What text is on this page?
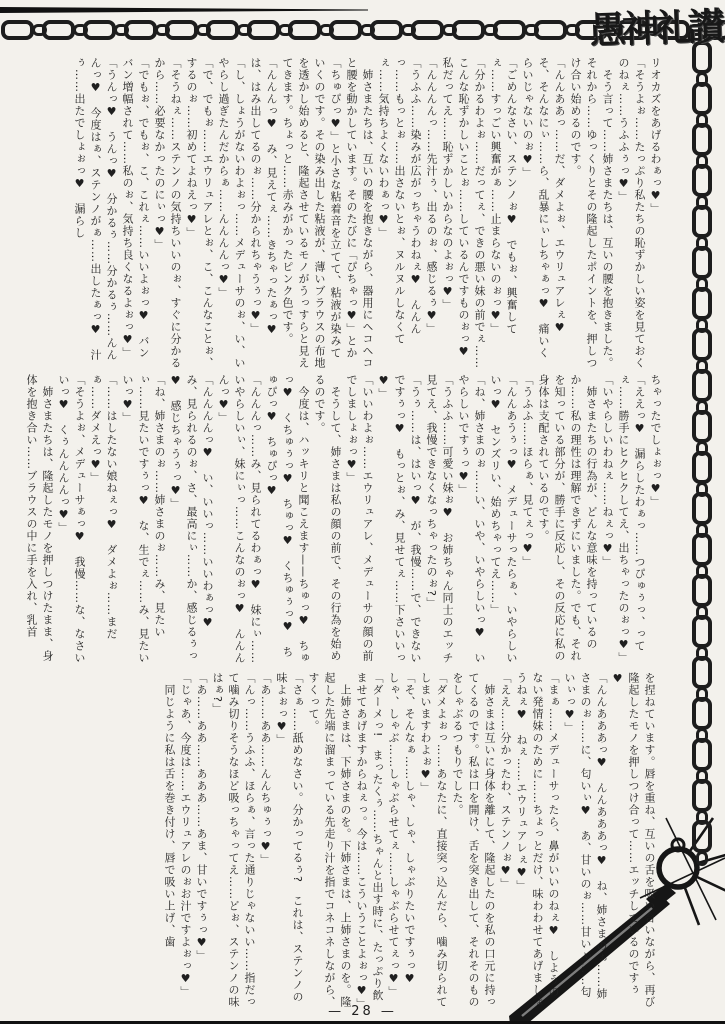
愚神礼讃

リオカズをあげるわぁっ♥」

「そうよぉ……たっぷり私たちの恥ずかしい姿を見ておくのねぇ……うふふぅっ♥」

　そう言って……姉さまたちは、互いの腰を抱きました。それから……ゆっくりとその隆起したポイントを、押しつけ合い始めるのです。

「んんああっ……だ、ダメよぉ、エウリュアレぇ♥　そ、そんなにぃ……ら、乱暴にぃしちゃぁっ♥　痛いくらいじゃないのぉ♥」

「ごめんなさい、ステンノぉ♥　でもぉ、興奮してぇ……すっごい興奮がぁ……止まらないのぉっ♥」

「分かるわよぉ……だってぇ、できの悪い妹の前でぇ……こんな恥ずかしいことぉ……しているんですものぉっ♥　私だってえ……恥ずかしいからなのよぉっ♥」

「んんんんっ……先汁ぅ、出るのぉ、感じるぅ♥」

「うふふ……染みが広がっちゃうわねぇ♥　んんんっ……もっとぉ……出さないとぉ、ヌルヌルしなくてぇ……気持ちよくないわぁっ♥」

　姉さまたちは、互いの腰を抱きながら、器用にヘコヘコと腰を動かしています。そのたびに「ぴちゃっ♥」とか「ちゅぴっ♥」と小さな粘着音を立てて、粘液が染みていくのです。その染み出した粘液が、薄いブラウスの布地を透かし始めると、隆起させているモノがうっすらと見えてきます。ちょっと……赤みがかったピンク色です。

「んんんっ♥　み、見えてぇ……きちゃったぁっ♥　は、はみ出してるのぉ……分かられちゃうぅっ♥」

「し、しょうがないわよぉっ……メデューサのぉ、い、いやらし過ぎたんだからぁ……んんんんっ♥」

「で、でもぉ……エウリュアレとぉ、こ、こんなことぉ、するのぉ……初めてよねえっ♥」

「そうねぇ……ステンノの気持ちいいのぉ、すぐに分かるから……必要なかったのにぃっ♥」

「でもぉ、でもぉ、こ、これぇ……いいよぉっ♥　バンバン増幅されて……私のぉ、気持ち良くなるよぉっ♥」

「うんっ♥　うんっ♥　分かるぅ……分かるぅ……んんんっ♥　今度はぁ、ステンノがぁ……出したぁっ♥　汁ぅ……出たでしょぉっ♥　漏らし

ちゃったでしょぉっ♥」

「ええっ♥　漏らしたわぁっ……つぴゅぅっ、ってぇ……勝手にヒクヒクしてえ、出ちゃったのぉっ♥」

「いやらしいわねぇ……ねぇっ♥」

　姉さまたちの行為が、どんな意味を持っているのか……私の理性は理解できずにいました。でも、それを知っている部分が、勝手に反応し、その反応に私の身体は支配されているのです。

「うふふ……ほらぁ、見てぇっ♥」

「んんあうぅっ♥　メデューサったらぁ、いやらしいいっ♥　センズリい、始めちゃってえ……」

「ね、姉さまのぉ……い、いや、いやらしいっ♥　いやらしいですぅっ♥」

「うふふ……可愛い妹ぉ♥　お姉ちゃん同士のエッチ見てえ、我慢できなくなっちゃったのぉ?」

「うぅ……は、はいっ♥　が、我慢……で、できないですぅっ♥　もっとぉ、み、見せてぇ……下さいいっ♥」

「いいわよぉ……エウリュアレ、メデューサの顔の前でしましょぉっ♥」

　そうして、姉さまは私の顔の前で、その行為を始めるのです。

　今度は、ハッキリと聞こえます——ちゅっ♥　ちゅっ♥　くちゅぅっ♥　ちゅっ♥　くちゅぅっ♥　ちゅぴっ♥　ちゅぴっ♥

「んんんっ……み、見られてるわぁっ♥　妹にぃ……いやらしいぃ、妹にぃっ……こんなのぉっ♥　んんんんっ♥」

「んんんんっ♥　い、いいっ……いいわぁっ♥　み、見られるのぉ、さ、最高にぃ……か、感じるぅっ♥　感じちゃうぅっ♥」

「ね、姉さまのぉ……姉さまのぉ……み、見たいぃ……見たいですぅっ♥　な、生でぇ……み、見たいいっ♥」

「……はしたない娘ねぇっ♥　ダメよぉ……まだぁ……ダメえっ♥」

「そうよぉ、メデューサぁっ♥　我慢……な、なさいいっ♥　くぅんんんんっ♥」

　姉さまたちは、隆起したモノを押しつけたまま、身体を抱き合い……ブラウスの中に手を入れ、乳首

を捏ねています。唇を重ね、互いの舌を吸い合いながら、再び隆起したモノを押しつけ合って……エッチしているのですぅ♥

「んんあああっ♥　んんあああっ♥　ね、姉さまのぉ……姉さまのぉ……に、匂いぃ♥　あ、甘いのぉ……甘いぃ……匂いぃっ♥」

「まぁ……メデューサったら、鼻がいいのねぇ♥　しようのない発情妹のために……ちょっとだけ、味わわせてあげましょうねぇ♥　ねぇ……エウリュアレぇ♥」

「ええ……分かったわ、ステンノぉ♥」

　姉さまは互いに身体を離して、隆起したのを私の口元に持ってくるのです。私は口を開け、舌を突き出して、それそのものをしゃぶるつもりでした。

「ダメよぉっ……あなたに、直接突っ込んだら、噛み切られてしまいますわよぉ♥」

「そ、そんなぁ……しゃ、しゃ、しゃぶりたいですぅっ♥　しゃ、しゃぶ……しゃぶらせてぇ……しゃぶらせてぇっ♥」

「ダーメっ!　まったくぅ……ちゃんと出す時に、たっぷり飲ませてあげますからねぇっ。今は……こういうことよぉっ♥」

　上姉さまは、下姉さまのを。下姉さまは、上姉さまのを。隆起した先端に溜まっている先走り汁を指でコネコネしながら、すくって。

「さぁ……舐めなさい。分かってるぅ?　これは、ステンノの味よぉっ♥」

「あ……ああ……んんちゅぅっ♥」

「んっ……うふふ、ほらぁ、言った通りじゃないい……指だって噛み切りそうなほど吸っちゃってえ……どぉ、ステンノの味はぁ?」

「あ……ああ……あああ……あま、甘いですぅっ♥」

「じゃあ、今度は……エウリュアレのぉお汁ですよぉっ♥」

　同じように私は舌を巻き付け、唇で吸い上げ、歯

— 28 —
